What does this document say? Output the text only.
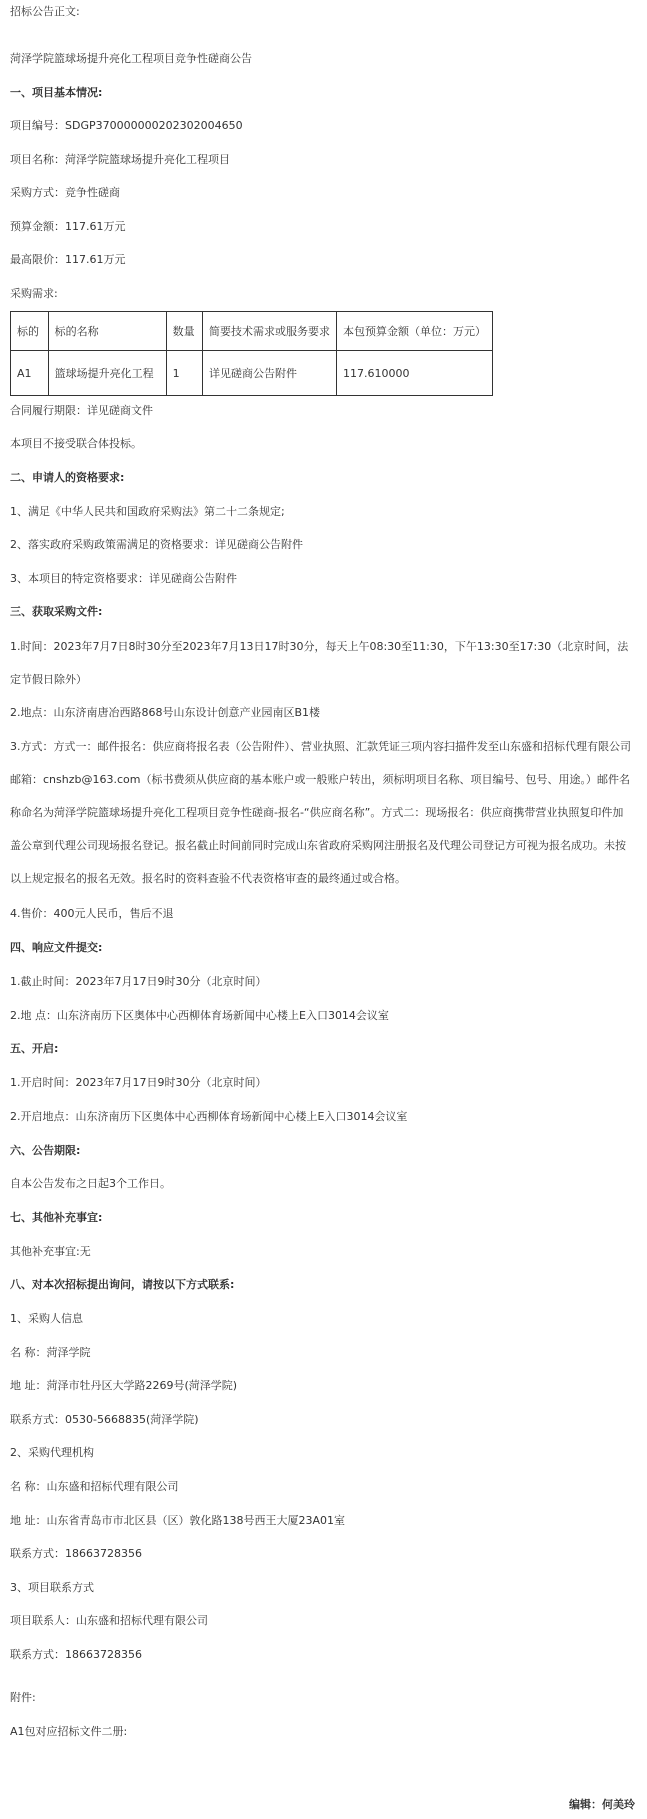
招标公告正文:
菏泽学院篮球场提升亮化工程项目竞争性磋商公告
一、项目基本情况:
项目编号：SDGP370000000202302004650
项目名称：菏泽学院篮球场提升亮化工程项目
采购方式：竞争性磋商
预算金额：117.61万元
最高限价：117.61万元
采购需求:
标的	标的名称	数量	简要技术需求或服务要求	本包预算金额（单位：万元）
A1	篮球场提升亮化工程	1	详见磋商公告附件	117.610000
合同履行期限：详见磋商文件
本项目不接受联合体投标。
二、申请人的资格要求:
1、满足《中华人民共和国政府采购法》第二十二条规定;
2、落实政府采购政策需满足的资格要求：详见磋商公告附件
3、本项目的特定资格要求：详见磋商公告附件
三、获取采购文件:
1.时间：2023年7月7日8时30分至2023年7月13日17时30分，每天上午08:30至11:30，下午13:30至17:30（北京时间，法定节假日除外）
2.地点：山东济南唐冶西路868号山东设计创意产业园南区B1楼
3.方式：方式一：邮件报名：供应商将报名表（公告附件）、营业执照、汇款凭证三项内容扫描件发至山东盛和招标代理有限公司邮箱：cnshzb@163.com（标书费须从供应商的基本账户或一般账户转出，须标明项目名称、项目编号、包号、用途。）邮件名称命名为菏泽学院篮球场提升亮化工程项目竞争性磋商-报名-“供应商名称”。方式二：现场报名：供应商携带营业执照复印件加盖公章到代理公司现场报名登记。报名截止时间前同时完成山东省政府采购网注册报名及代理公司登记方可视为报名成功。未按以上规定报名的报名无效。报名时的资料查验不代表资格审查的最终通过或合格。
4.售价：400元人民币，售后不退
四、响应文件提交:
1.截止时间：2023年7月17日9时30分（北京时间）
2.地 点：山东济南历下区奥体中心西柳体育场新闻中心楼上E入口3014会议室
五、开启:
1.开启时间：2023年7月17日9时30分（北京时间）
2.开启地点：山东济南历下区奥体中心西柳体育场新闻中心楼上E入口3014会议室
六、公告期限:
自本公告发布之日起3个工作日。
七、其他补充事宜:
其他补充事宜:无
八、对本次招标提出询问，请按以下方式联系:
1、采购人信息
名 称：菏泽学院
地 址：菏泽市牡丹区大学路2269号(菏泽学院)
联系方式：0530-5668835(菏泽学院)
2、采购代理机构
名 称：山东盛和招标代理有限公司
地 址：山东省青岛市市北区县（区）敦化路138号西王大厦23A01室
联系方式：18663728356
3、项目联系方式
项目联系人：山东盛和招标代理有限公司
联系方式：18663728356
附件:
A1包对应招标文件二册:
编辑：何美玲
